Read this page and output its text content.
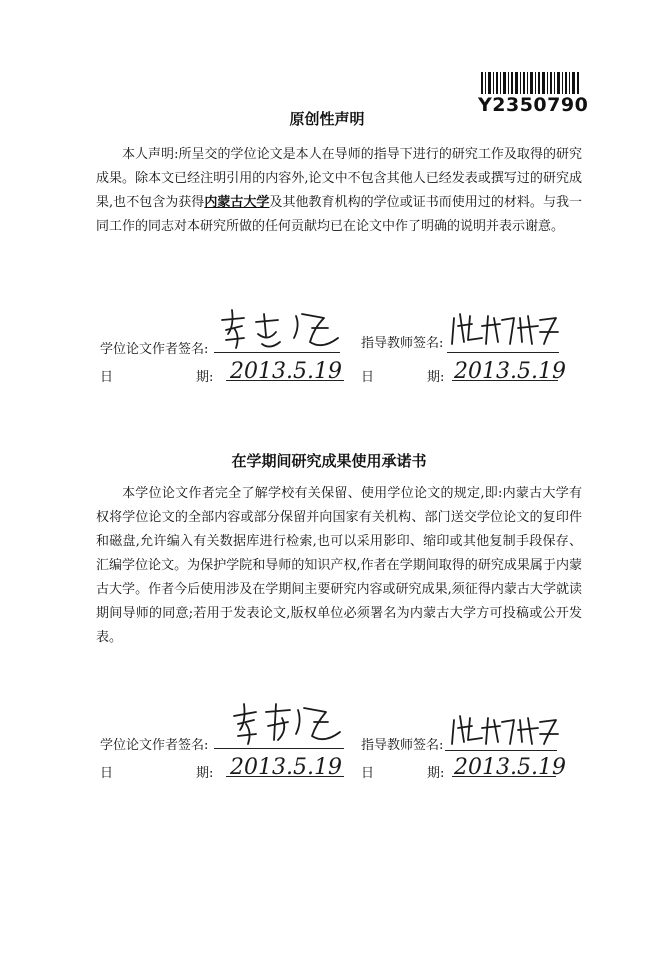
Y2350790
原创性声明
本人声明:所呈交的学位论文是本人在导师的指导下进行的研究工作及取得的研究成果。除本文已经注明引用的内容外,论文中不包含其他人已经发表或撰写过的研究成果,也不包含为获得内蒙古大学及其他教育机构的学位或证书而使用过的材料。与我一同工作的同志对本研究所做的任何贡献均已在论文中作了明确的说明并表示谢意。
学位论文作者签名:
日	期: 2013.5.19
指导教师签名:
日	期: 2013.5.19
在学期间研究成果使用承诺书
本学位论文作者完全了解学校有关保留、使用学位论文的规定,即:内蒙古大学有权将学位论文的全部内容或部分保留并向国家有关机构、部门送交学位论文的复印件和磁盘,允许编入有关数据库进行检索,也可以采用影印、缩印或其他复制手段保存、汇编学位论文。为保护学院和导师的知识产权,作者在学期间取得的研究成果属于内蒙古大学。作者今后使用涉及在学期间主要研究内容或研究成果,须征得内蒙古大学就读期间导师的同意;若用于发表论文,版权单位必须署名为内蒙古大学方可投稿或公开发表。
学位论文作者签名:
日	期: 2013.5.19
指导教师签名:
日	期: 2013.5.19
